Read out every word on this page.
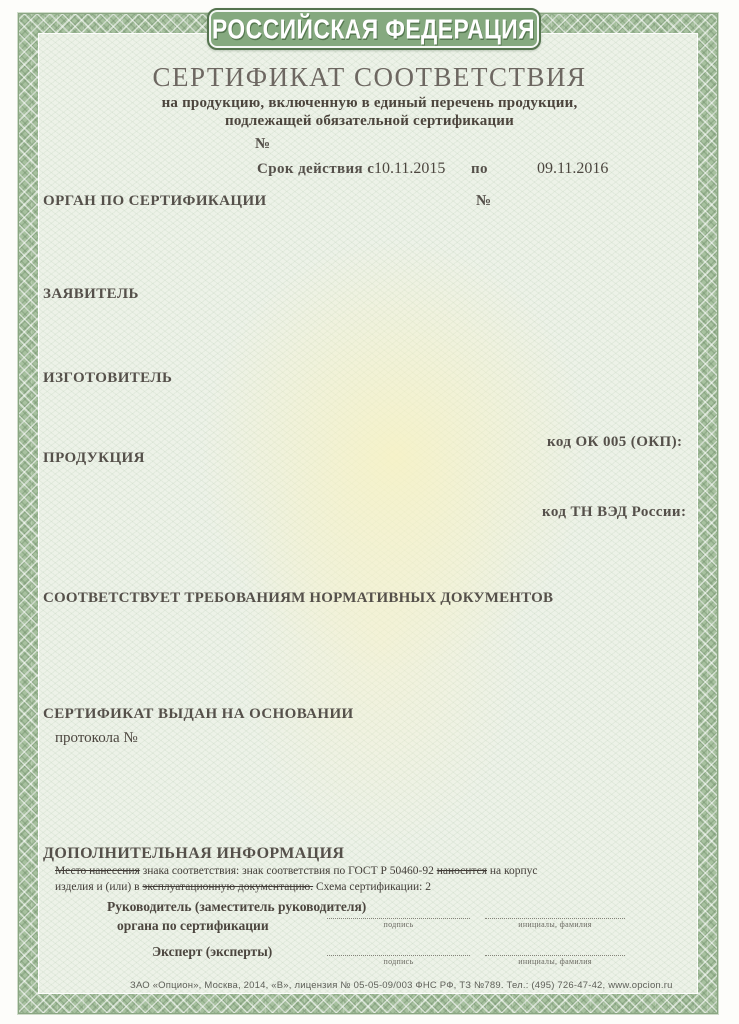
РОССИЙСКАЯ ФЕДЕРАЦИЯ
СЕРТИФИКАТ СООТВЕТСТВИЯ
на продукцию, включенную в единый перечень продукции,
подлежащей обязательной сертификации
№
Срок действия с 10.11.2015 по	09.11.2016
ОРГАН ПО СЕРТИФИКАЦИИ	№
ЗАЯВИТЕЛЬ
ИЗГОТОВИТЕЛЬ
код ОК 005 (ОКП):
ПРОДУКЦИЯ
код ТН ВЭД России:
СООТВЕТСТВУЕТ ТРЕБОВАНИЯМ НОРМАТИВНЫХ ДОКУМЕНТОВ
СЕРТИФИКАТ ВЫДАН НА ОСНОВАНИИ
протокола №
ДОПОЛНИТЕЛЬНАЯ ИНФОРМАЦИЯ
Место нанесения знака соответствия: знак соответствия по ГОСТ Р 50460-92 наносится на корпус изделия и (или) в эксплуатационную документацию. Схема сертификации: 2
Руководитель (заместитель руководителя)
органа по сертификации	подпись	инициалы, фамилия
Эксперт (эксперты)
подпись	инициалы, фамилия
ЗАО «Опцион», Москва, 2014, «В», лицензия № 05-05-09/003 ФНС РФ, ТЗ №789. Тел.: (495) 726-47-42, www.opcion.ru
